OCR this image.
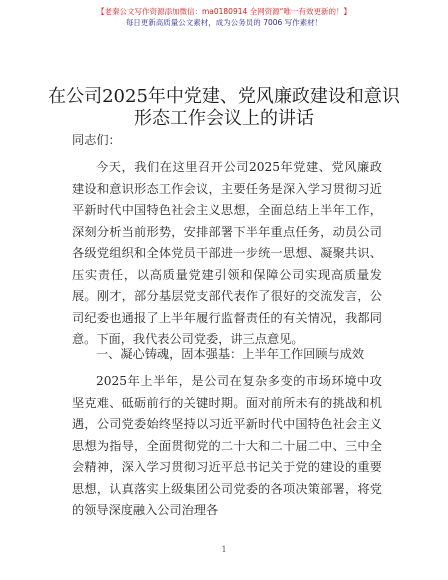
【老秦公文写作资源添加微信：ma0180914 全网资源“唯一有效更新的！】
每日更新高质量公文素材，成为公务员的 7006 写作素材！
在公司2025年中党建、党风廉政建设和意识形态工作会议上的讲话
同志们：
今天，我们在这里召开公司2025年党建、党风廉政建设和意识形态工作会议，主要任务是深入学习贯彻习近平新时代中国特色社会主义思想，全面总结上半年工作，深刻分析当前形势，安排部署下半年重点任务，动员公司各级党组织和全体党员干部进一步统一思想、凝聚共识、压实责任，以高质量党建引领和保障公司实现高质量发展。刚才，部分基层党支部代表作了很好的交流发言，公司纪委也通报了上半年履行监督责任的有关情况，我都同意。下面，我代表公司党委，讲三点意见。
一、凝心铸魂，固本强基：上半年工作回顾与成效
2025年上半年，是公司在复杂多变的市场环境中攻坚克难、砥砺前行的关键时期。面对前所未有的挑战和机遇，公司党委始终坚持以习近平新时代中国特色社会主义思想为指导，全面贯彻党的二十大和二十届二中、三中全会精神，深入学习贯彻习近平总书记关于党的建设的重要思想，认真落实上级集团公司党委的各项决策部署，将党的领导深度融入公司治理各
1
